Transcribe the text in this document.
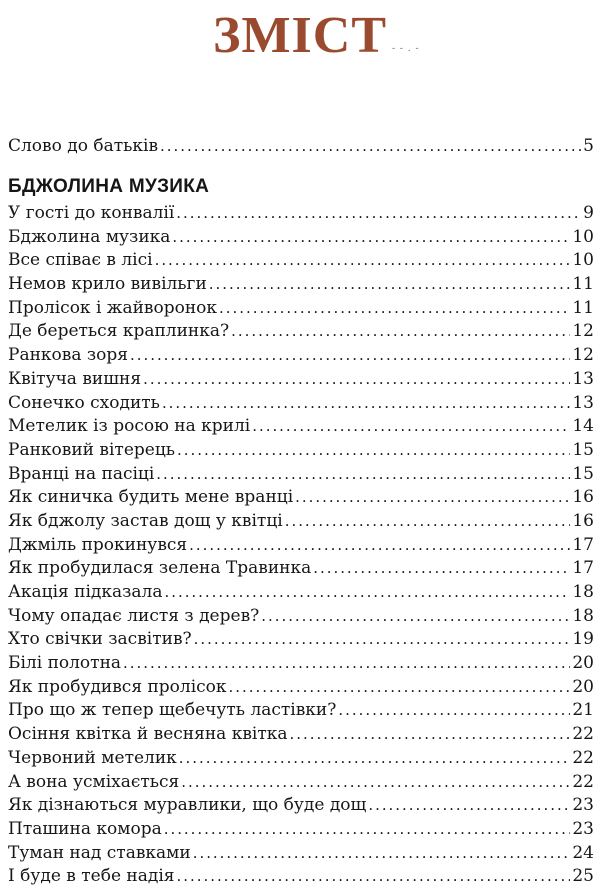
ЗМІСТ - - . -
Слово до батьків . . .	5
БДЖОЛИНА МУЗИКА
У гості до конвалії . . .	9
Бджолина музика . . .	10
Все співає в лісі . . .	10
Немов крило вивільги . . .	11
Пролісок і жайворонок . . .	11
Де береться краплинка? . . .	12
Ранкова зоря . . .	12
Квітуча вишня . . .	13
Сонечко сходить . . .	13
Метелик із росою на крилі . . .	14
Ранковий вітерець . . .	15
Вранці на пасіці . . .	15
Як синичка будить мене вранці . . .	16
Як бджолу застав дощ у квітці . . .	16
Джміль прокинувся . . .	17
Як пробудилася зелена Травинка . . .	17
Акація підказала . . .	18
Чому опадає листя з дерев? . . .	18
Хто свічки засвітив? . . .	19
Білі полотна . . .	20
Як пробудився пролісок . . .	20
Про що ж тепер щебечуть ластівки? . . .	21
Осіння квітка й весняна квітка . . .	22
Червоний метелик . . .	22
А вона усміхається . . .	22
Як дізнаються муравлики, що буде дощ . . .	23
Пташина комора . . .	23
Туман над ставками . . .	24
І буде в тебе надія . . .	25
